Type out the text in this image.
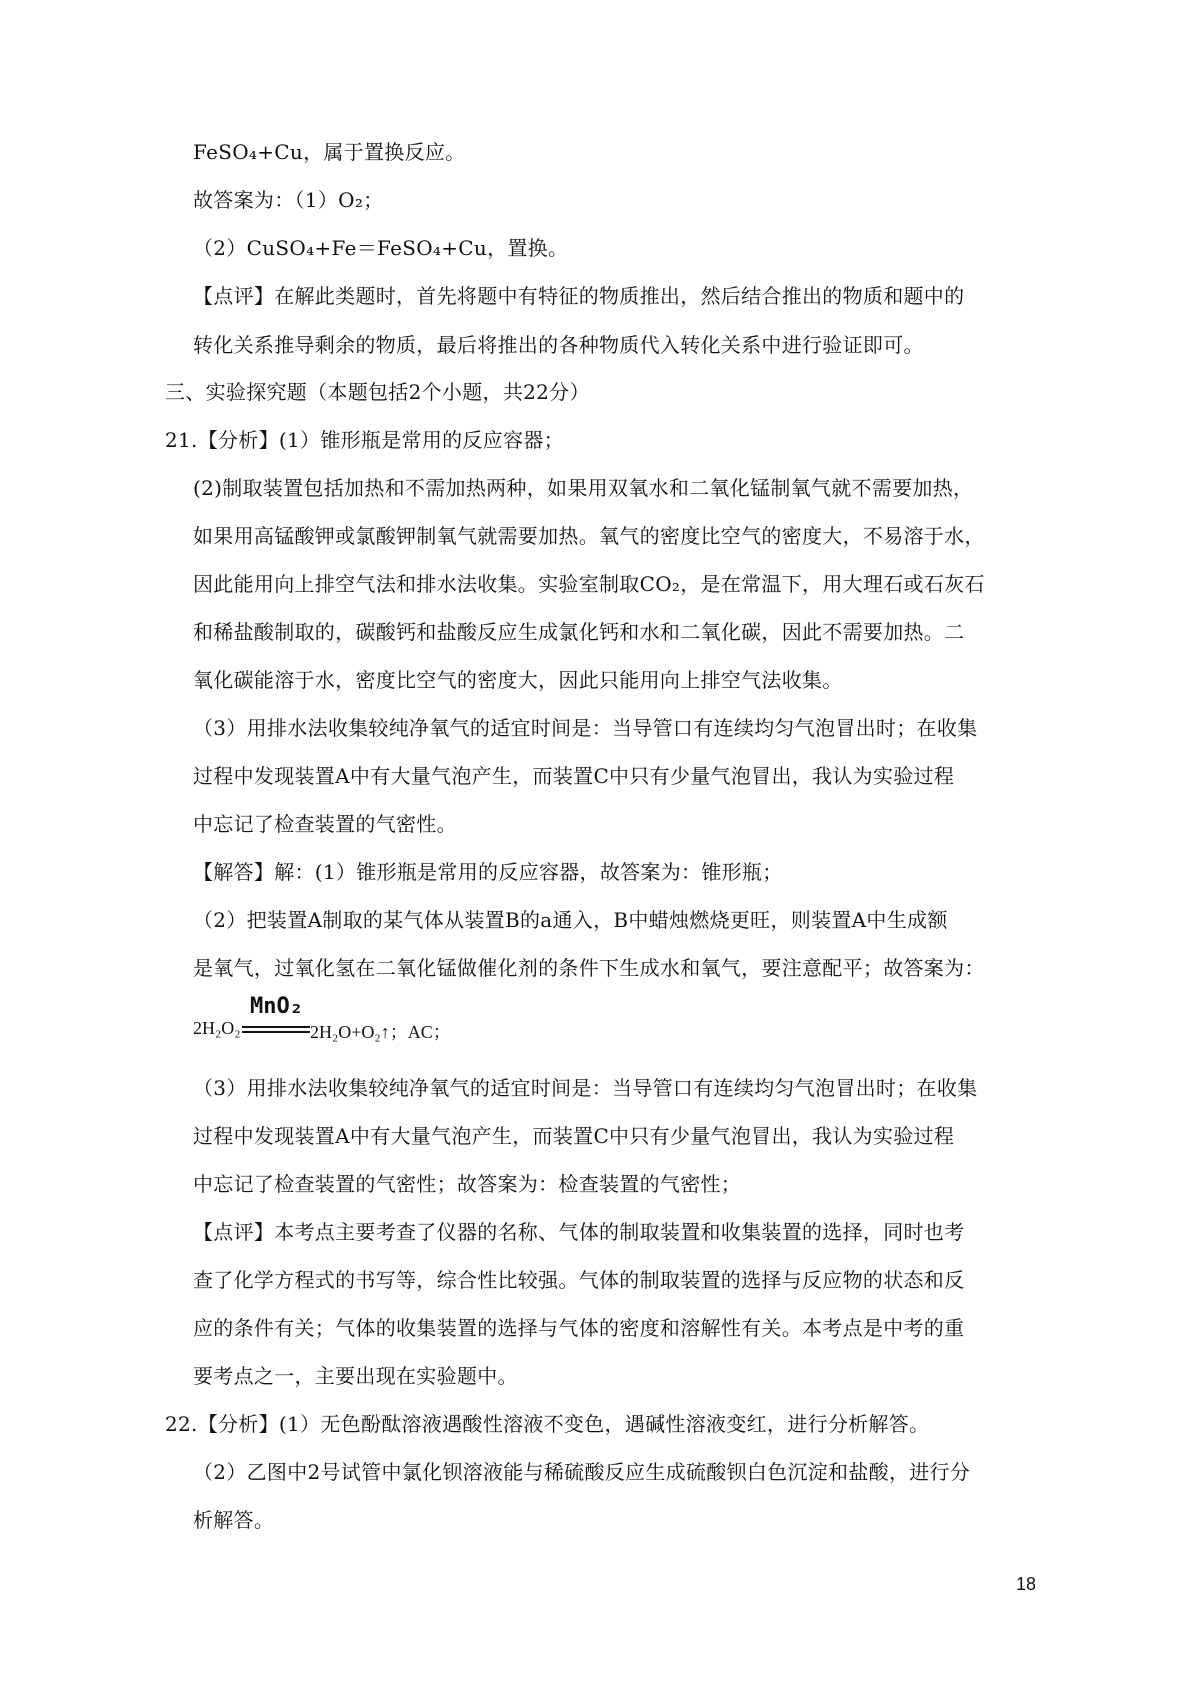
FeSO₄+Cu，属于置换反应。
故答案为：（1）O₂；
（2）CuSO₄+Fe＝FeSO₄+Cu，置换。
【点评】在解此类题时，首先将题中有特征的物质推出，然后结合推出的物质和题中的
转化关系推导剩余的物质，最后将推出的各种物质代入转化关系中进行验证即可。
三、实验探究题（本题包括2个小题，共22分）
21.【分析】(1）锥形瓶是常用的反应容器；
(2)制取装置包括加热和不需加热两种，如果用双氧水和二氧化锰制氧气就不需要加热，
如果用高锰酸钾或氯酸钾制氧气就需要加热。氧气的密度比空气的密度大，不易溶于水，
因此能用向上排空气法和排水法收集。实验室制取CO₂，是在常温下，用大理石或石灰石
和稀盐酸制取的，碳酸钙和盐酸反应生成氯化钙和水和二氧化碳，因此不需要加热。二
氧化碳能溶于水，密度比空气的密度大，因此只能用向上排空气法收集。
（3）用排水法收集较纯净氧气的适宜时间是：当导管口有连续均匀气泡冒出时；在收集
过程中发现装置A中有大量气泡产生，而装置C中只有少量气泡冒出，我认为实验过程
中忘记了检查装置的气密性。
【解答】解：(1）锥形瓶是常用的反应容器，故答案为：锥形瓶；
（2）把装置A制取的某气体从装置B的a通入，B中蜡烛燃烧更旺，则装置A中生成额
是氧气，过氧化氢在二氧化锰做催化剂的条件下生成水和氧气，要注意配平；故答案为：
2H₂O₂
MnO₂
2H₂O+O₂↑；AC；
（3）用排水法收集较纯净氧气的适宜时间是：当导管口有连续均匀气泡冒出时；在收集
过程中发现装置A中有大量气泡产生，而装置C中只有少量气泡冒出，我认为实验过程
中忘记了检查装置的气密性；故答案为：检查装置的气密性；
【点评】本考点主要考查了仪器的名称、气体的制取装置和收集装置的选择，同时也考
查了化学方程式的书写等，综合性比较强。气体的制取装置的选择与反应物的状态和反
应的条件有关；气体的收集装置的选择与气体的密度和溶解性有关。本考点是中考的重
要考点之一，主要出现在实验题中。
22.【分析】(1）无色酚酞溶液遇酸性溶液不变色，遇碱性溶液变红，进行分析解答。
（2）乙图中2号试管中氯化钡溶液能与稀硫酸反应生成硫酸钡白色沉淀和盐酸，进行分
析解答。
18
